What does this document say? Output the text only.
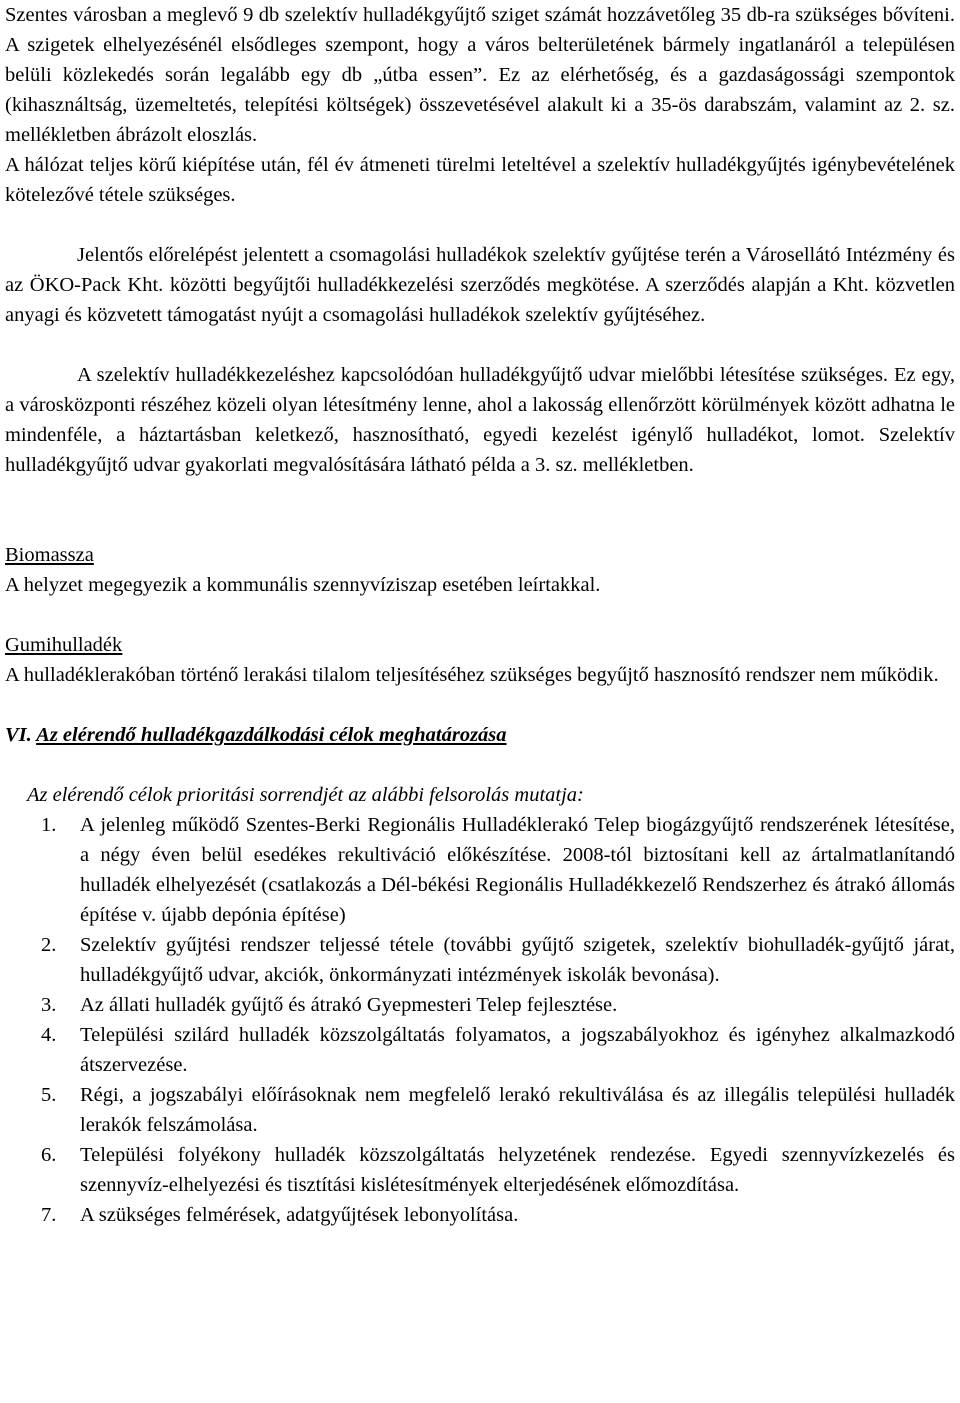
Szentes városban a meglevő 9 db szelektív hulladékgyűjtő sziget számát hozzávetőleg 35 db-ra szükséges bővíteni. A szigetek elhelyezésénél elsődleges szempont, hogy a város belterületének bármely ingatlanáról a településen belüli közlekedés során legalább egy db „útba essen”. Ez az elérhetőség, és a gazdaságossági szempontok (kihasználtság, üzemeltetés, telepítési költségek) összevetésével alakult ki a 35-ös darabszám, valamint az 2. sz. mellékletben ábrázolt eloszlás.

A hálózat teljes körű kiépítése után, fél év átmeneti türelmi leteltével a szelektív hulladékgyűjtés igénybevételének kötelezővé tétele szükséges.

Jelentős előrelépést jelentett a csomagolási hulladékok szelektív gyűjtése terén a Városellátó Intézmény és az ÖKO-Pack Kht. közötti begyűjtői hulladékkezelési szerződés megkötése. A szerződés alapján a Kht. közvetlen anyagi és közvetett támogatást nyújt a csomagolási hulladékok szelektív gyűjtéséhez.

A szelektív hulladékkezeléshez kapcsolódóan hulladékgyűjtő udvar mielőbbi létesítése szükséges. Ez egy, a városközponti részéhez közeli olyan létesítmény lenne, ahol a lakosság ellenőrzött körülmények között adhatna le mindenféle, a háztartásban keletkező, hasznosítható, egyedi kezelést igénylő hulladékot, lomot. Szelektív hulladékgyűjtő udvar gyakorlati megvalósítására látható példa a 3. sz. mellékletben.

Biomassza

A helyzet megegyezik a kommunális szennyvíziszap esetében leírtakkal.

Gumihulladék

A hulladéklerakóban történő lerakási tilalom teljesítéséhez szükséges begyűjtő hasznosító rendszer nem működik.

VI. Az elérendő hulladékgazdálkodási célok meghatározása

Az elérendő célok prioritási sorrendjét az alábbi felsorolás mutatja:

1. A jelenleg működő Szentes-Berki Regionális Hulladéklerakó Telep biogázgyűjtő rendszerének létesítése, a négy éven belül esedékes rekultiváció előkészítése. 2008-tól biztosítani kell az ártalmatlanítandó hulladék elhelyezését (csatlakozás a Dél-békési Regionális Hulladékkezelő Rendszerhez és átrakó állomás építése v. újabb depónia építése)
2. Szelektív gyűjtési rendszer teljessé tétele (további gyűjtő szigetek, szelektív biohulladék-gyűjtő járat, hulladékgyűjtő udvar, akciók, önkormányzati intézmények iskolák bevonása).
3. Az állati hulladék gyűjtő és átrakó Gyepmesteri Telep fejlesztése.
4. Települési szilárd hulladék közszolgáltatás folyamatos, a jogszabályokhoz és igényhez alkalmazkodó átszervezése.
5. Régi, a jogszabályi előírásoknak nem megfelelő lerakó rekultiválása és az illegális települési hulladék lerakók felszámolása.
6. Települési folyékony hulladék közszolgáltatás helyzetének rendezése. Egyedi szennyvízkezelés és szennyvíz-elhelyezési és tisztítási kislétesítmények elterjedésének előmozdítása.
7. A szükséges felmérések, adatgyűjtések lebonyolítása.
